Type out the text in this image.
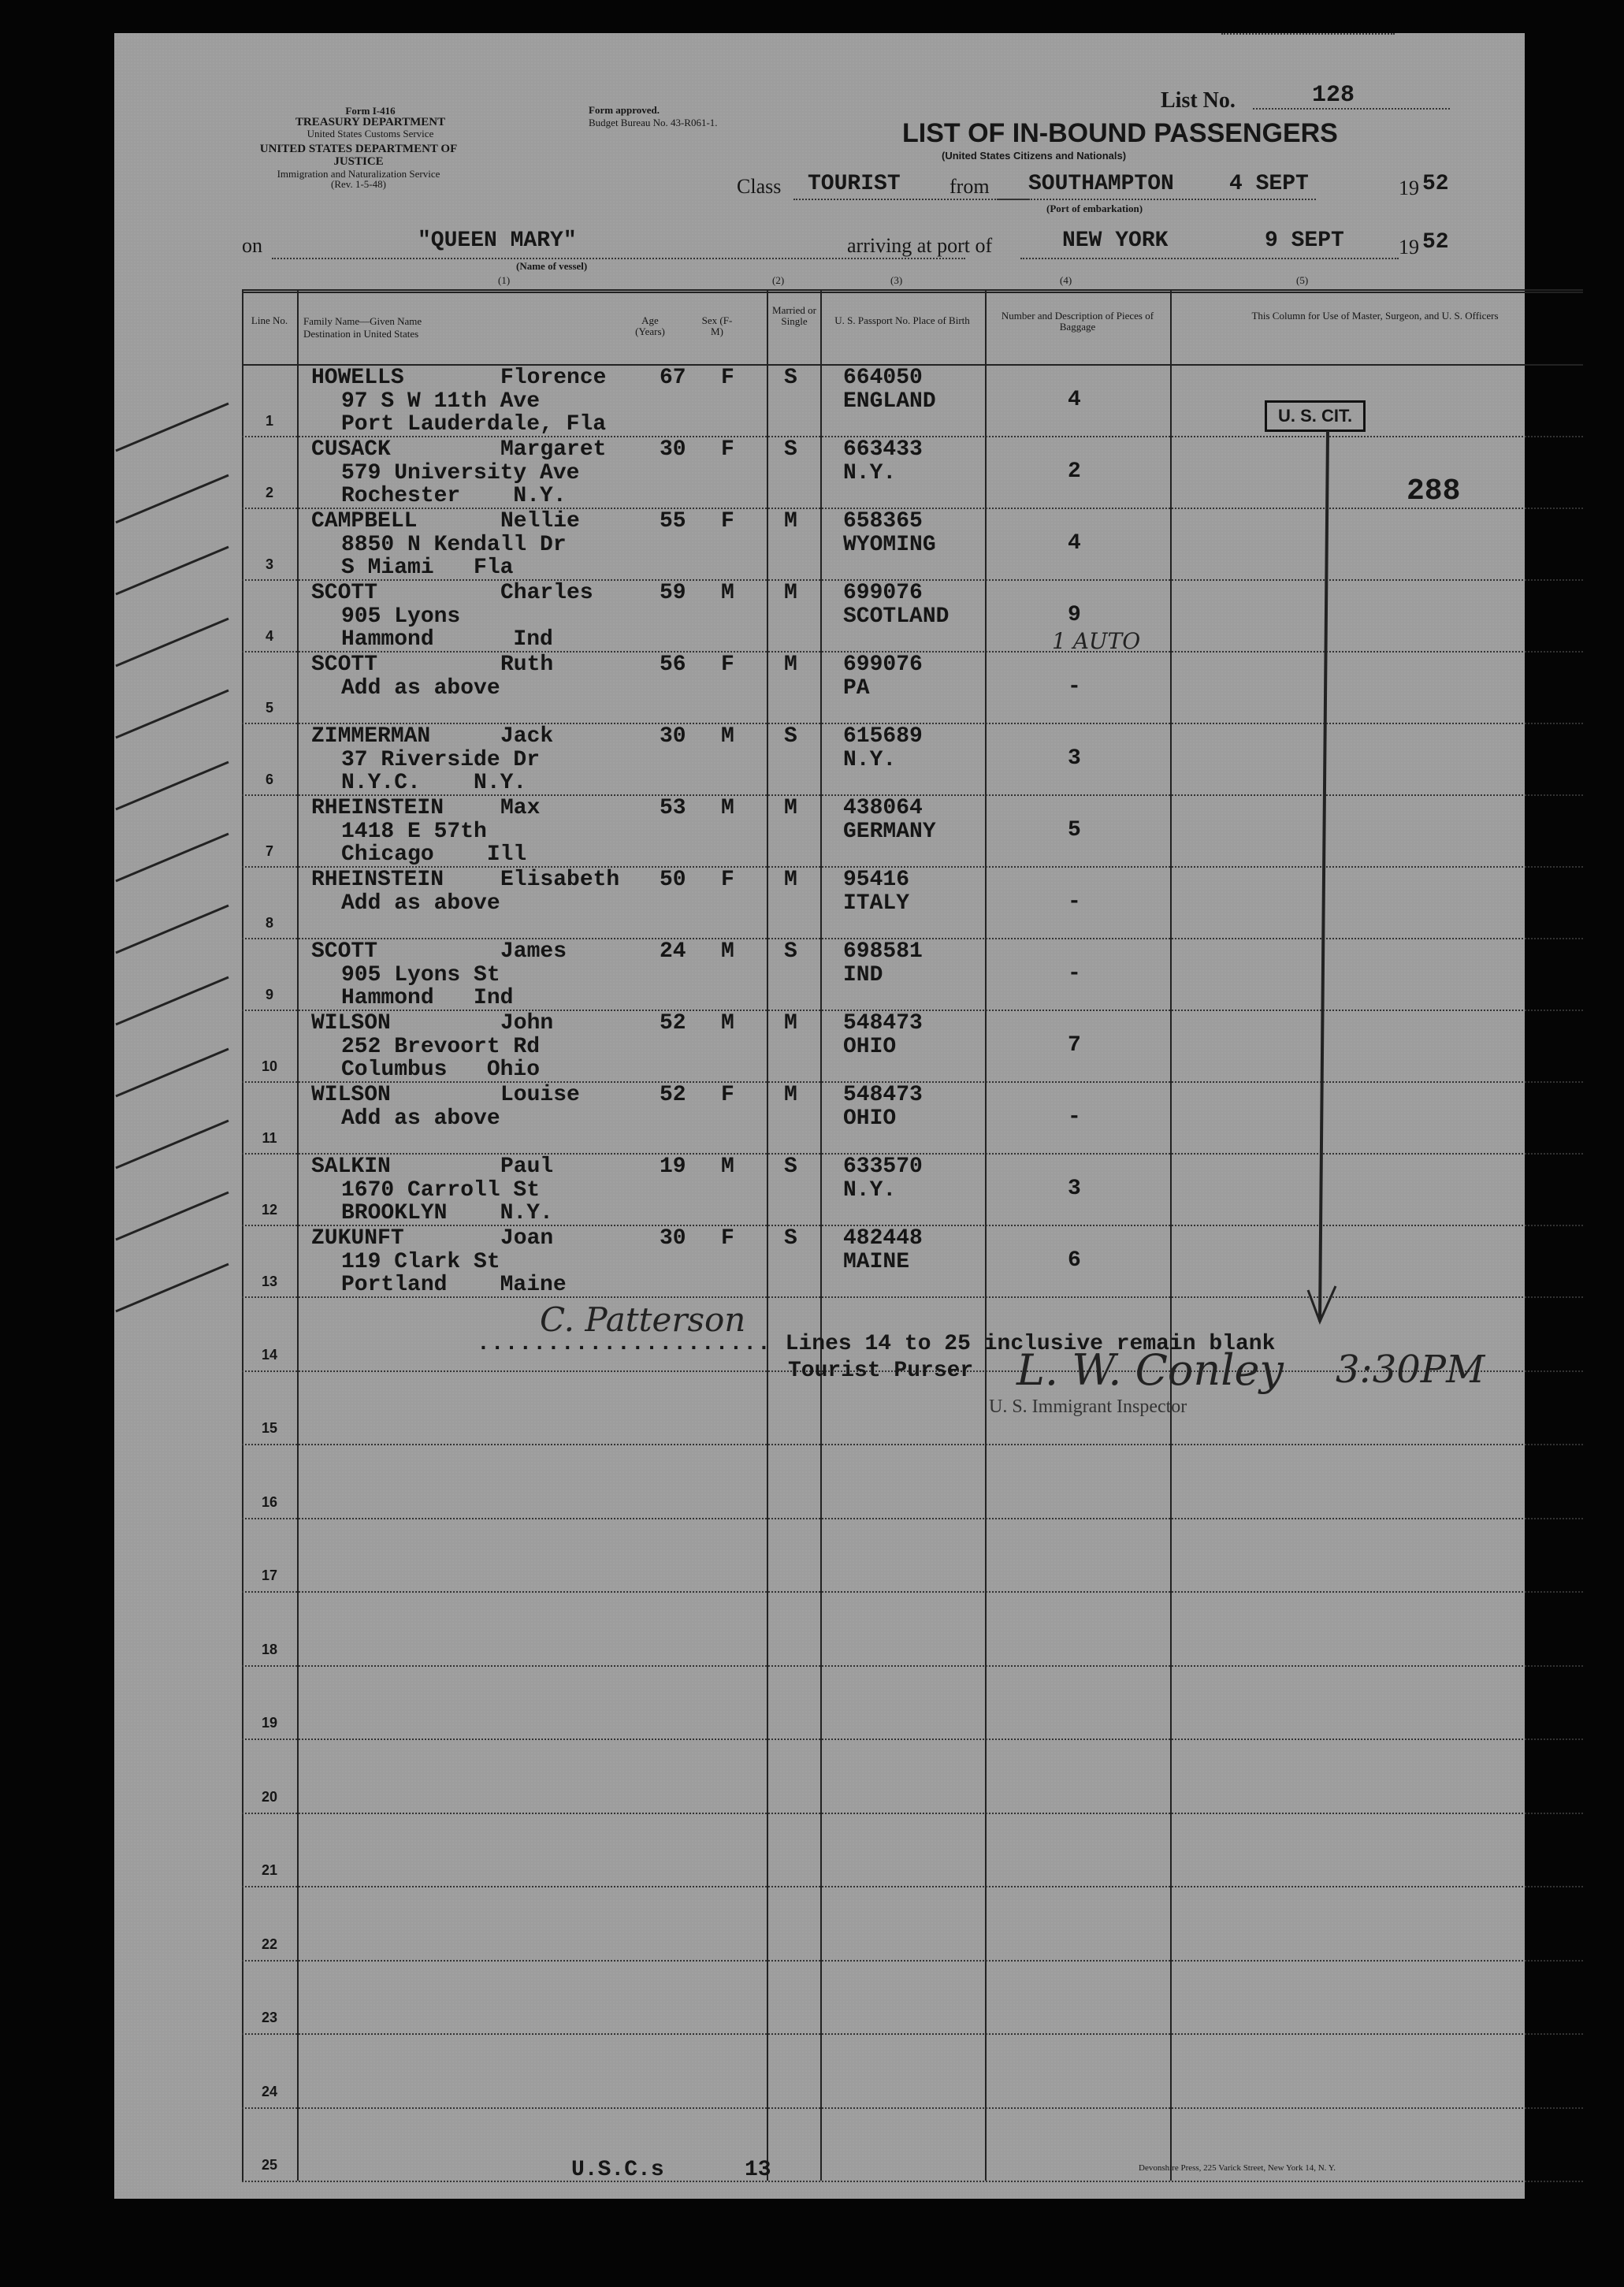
Form I-416
TREASURY DEPARTMENT
United States Customs Service
UNITED STATES DEPARTMENT OF JUSTICE
Immigration and Naturalization Service
(Rev. 1-5-48)
Form approved.
Budget Bureau No. 43-R061-1.
List No.	128
LIST OF IN-BOUND PASSENGERS
(United States Citizens and Nationals)
Class TOURIST from SOUTHAMPTON
(Port of embarkation)
4 SEPT	19 52
on	"QUEEN MARY"
(Name of vessel)
arriving at port of	NEW YORK	9 SEPT	19 52
(1)	(2)	(3)	(4)	(5)
Line No.	Family Name—Given Name
Destination in United States
Age (Years)
Sex (F-M)
Married or Single	U. S. Passport No. Place of Birth	Number and Description of Pieces of Baggage
This Column for Use of Master, Surgeon, and U. S. Officers
1
HOWELLS	Florence
97 S W 11th Ave
Port Lauderdale, Fla
67 F S 664050
ENGLAND	4
2
CUSACK	Margaret
579 University Ave
Rochester    N.Y.
30 F S 663433
N.Y.	2
3
CAMPBELL	Nellie
8850 N Kendall Dr
S Miami   Fla
55 F M 658365
WYOMING	4
4
SCOTT	Charles
905 Lyons
Hammond      Ind
59 M M 699076
SCOTLAND	9
5
SCOTT	Ruth
Add as above
56 F M 699076
PA	-
6
ZIMMERMAN	Jack
37 Riverside Dr
N.Y.C.    N.Y.
30 M S 615689
N.Y.	3
7
RHEINSTEIN	Max
1418 E 57th
Chicago    Ill
53 M M 438064
GERMANY	5
8
RHEINSTEIN	Elisabeth
Add as above
50 F M 95416
ITALY	-
9
SCOTT	James
905 Lyons St
Hammond   Ind
24 M S 698581
IND	-
10
WILSON	John
252 Brevoort Rd
Columbus   Ohio
52 M M 548473
OHIO	7
11
WILSON	Louise
Add as above
52 F M 548473
OHIO	-
12
SALKIN	Paul
1670 Carroll St
BROOKLYN    N.Y.
19 M S 633570
N.Y.	3
13
ZUKUNFT	Joan
119 Clark St
Portland    Maine
30 F S 482448
MAINE	6
14
15
16
17
18
19
20
21
22
23
24
25
U. S. CIT.
288
1 AUTO
..................... Lines 14 to 25 inclusive remain blank
C. Patterson
Tourist Purser L. W. Conley 3:30PM
U. S. Immigrant Inspector
U.S.C.s	13	Devonshire Press, 225 Varick Street, New York 14, N. Y.
